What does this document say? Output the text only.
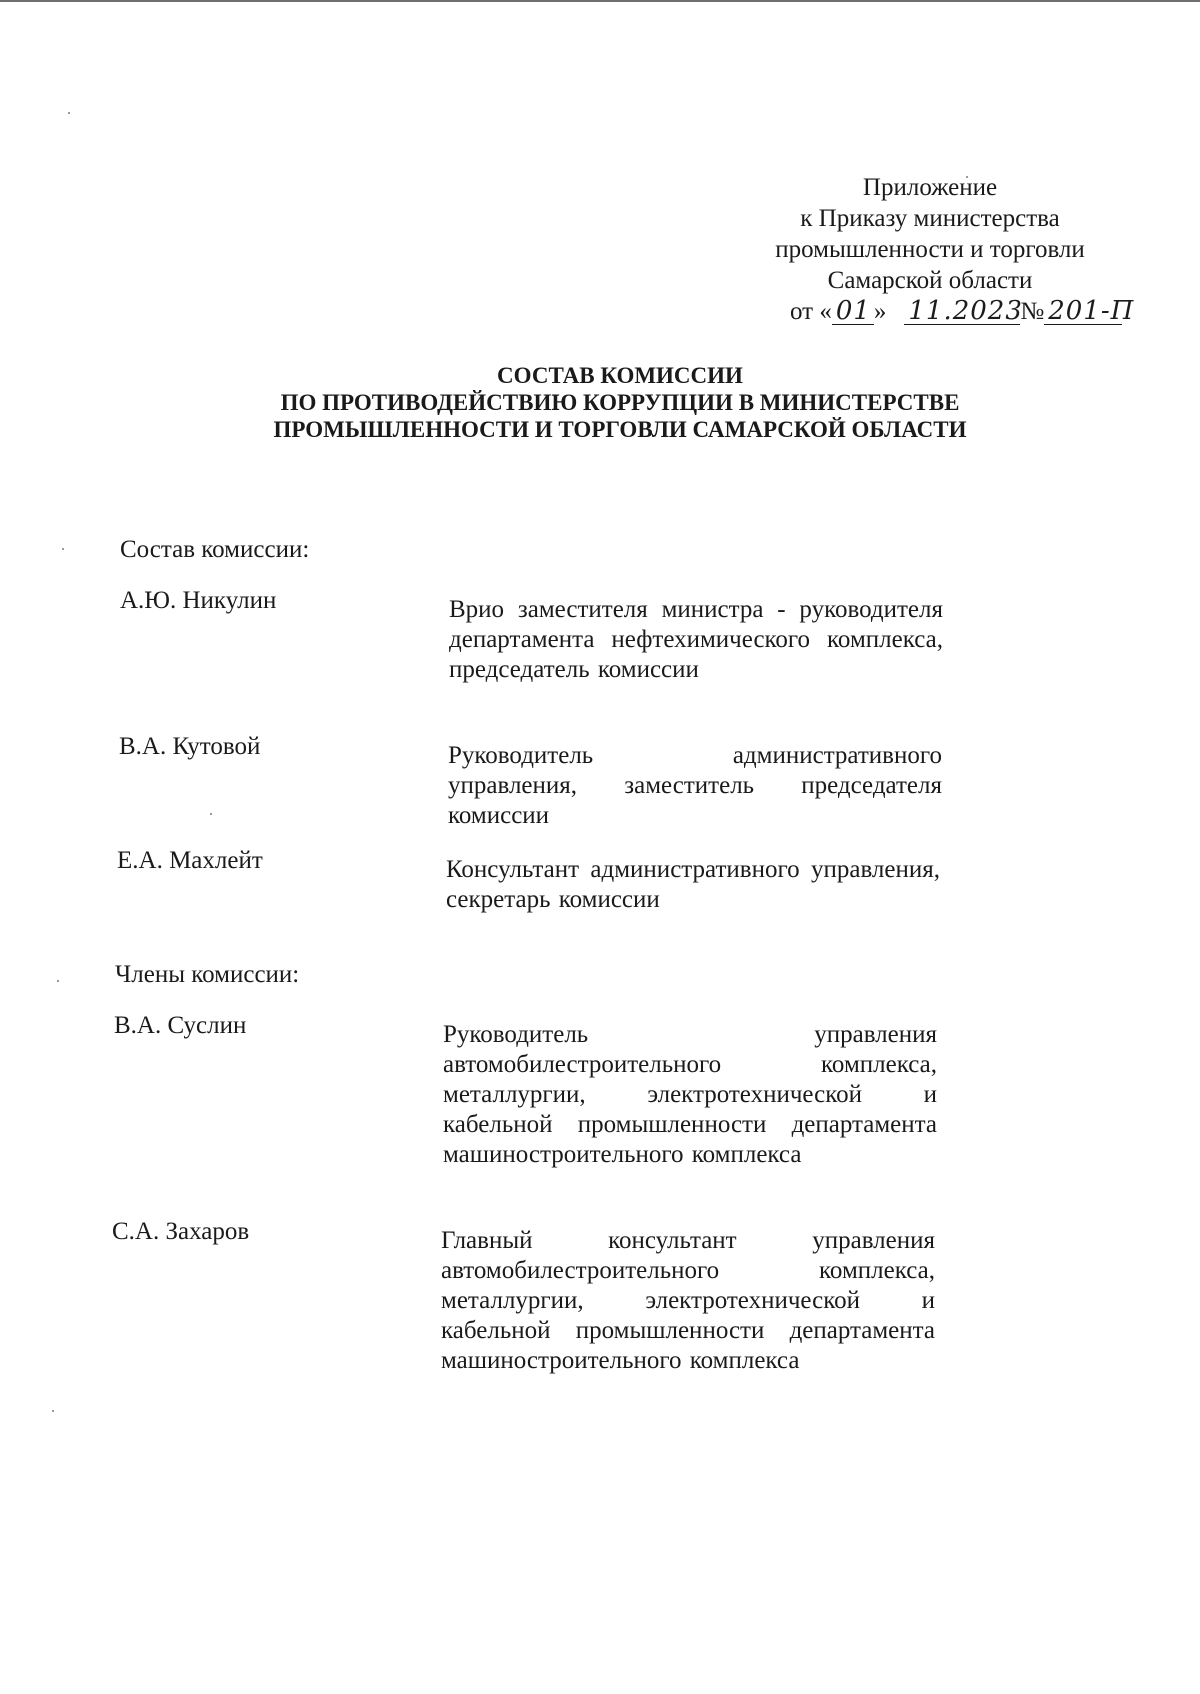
Приложение
к Приказу министерства
промышленности и торговли
Самарской области
от « 01 » 11.2023№ 201-П
СОСТАВ КОМИССИИ
ПО ПРОТИВОДЕЙСТВИЮ КОРРУПЦИИ В МИНИСТЕРСТВЕ
ПРОМЫШЛЕННОСТИ И ТОРГОВЛИ САМАРСКОЙ ОБЛАСТИ
Состав комиссии:
А.Ю. Никулин	Врио заместителя министра - руководителя департамента нефтехимического комплекса, председатель комиссии
В.А. Кутовой	Руководитель административного управления, заместитель председателя комиссии
Е.А. Махлейт	Консультант административного управления, секретарь комиссии
Члены комиссии:
В.А. Суслин	Руководитель управления автомобилестроительного комплекса, металлургии, электротехнической и кабельной промышленности департамента машиностроительного комплекса
С.А. Захаров	Главный консультант управления автомобилестроительного комплекса, металлургии, электротехнической и кабельной промышленности департамента машиностроительного комплекса
